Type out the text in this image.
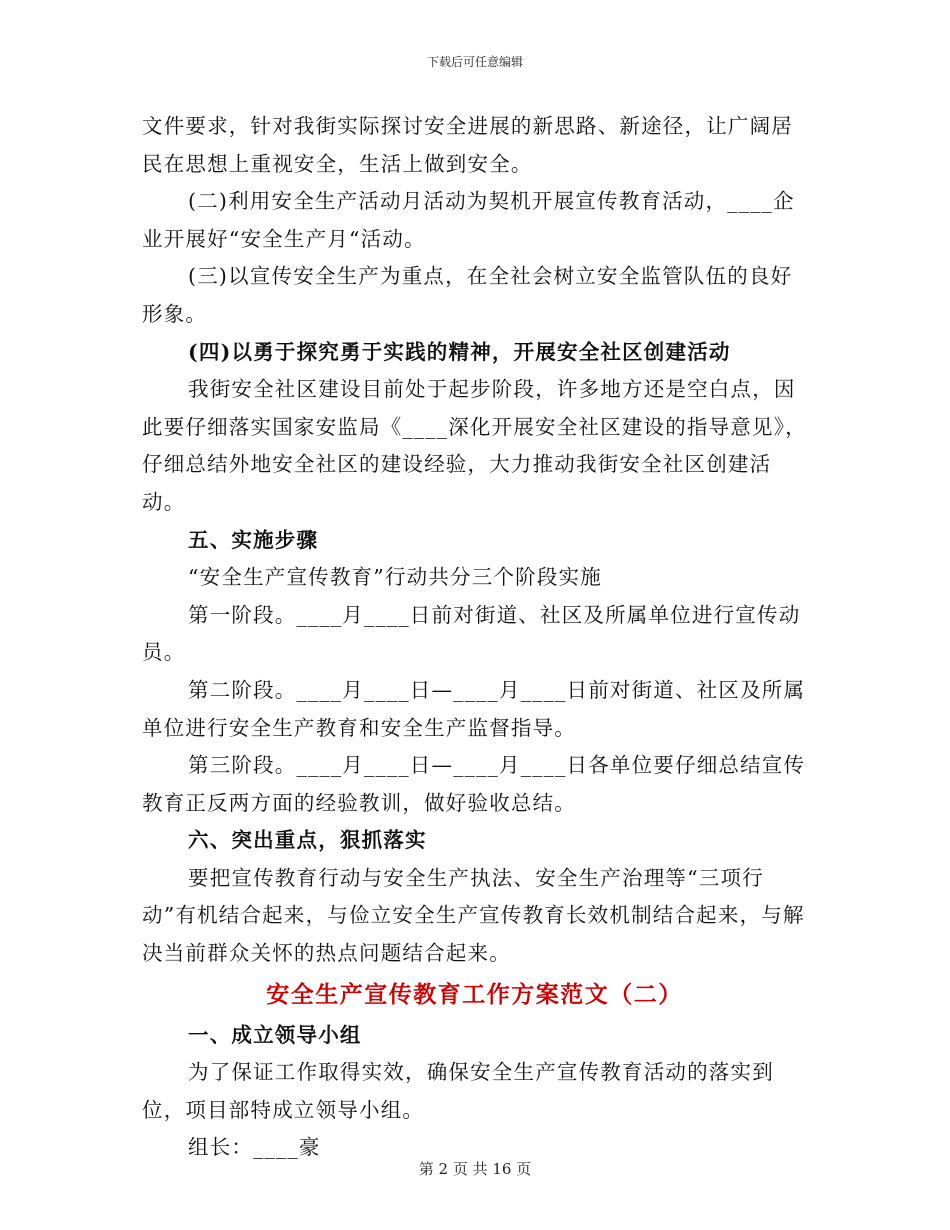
下载后可任意编辑

文件要求，针对我街实际探讨安全进展的新思路、新途径，让广阔居民在思想上重视安全，生活上做到安全。

(二)利用安全生产活动月活动为契机开展宣传教育活动，____企业开展好“安全生产月“活动。

(三)以宣传安全生产为重点，在全社会树立安全监管队伍的良好形象。

(四)以勇于探究勇于实践的精神，开展安全社区创建活动

我街安全社区建设目前处于起步阶段，许多地方还是空白点，因此要仔细落实国家安监局《____深化开展安全社区建设的指导意见》，仔细总结外地安全社区的建设经验，大力推动我街安全社区创建活动。

五、实施步骤

“安全生产宣传教育”行动共分三个阶段实施

第一阶段。____月____日前对街道、社区及所属单位进行宣传动员。

第二阶段。____月____日—____月____日前对街道、社区及所属单位进行安全生产教育和安全生产监督指导。

第三阶段。____月____日—____月____日各单位要仔细总结宣传教育正反两方面的经验教训，做好验收总结。

六、突出重点，狠抓落实

要把宣传教育行动与安全生产执法、安全生产治理等“三项行动”有机结合起来，与俭立安全生产宣传教育长效机制结合起来，与解决当前群众关怀的热点问题结合起来。

安全生产宣传教育工作方案范文（二）

一、成立领导小组

为了保证工作取得实效，确保安全生产宣传教育活动的落实到位，项目部特成立领导小组。

组长：____豪

第 2 页 共 16 页
